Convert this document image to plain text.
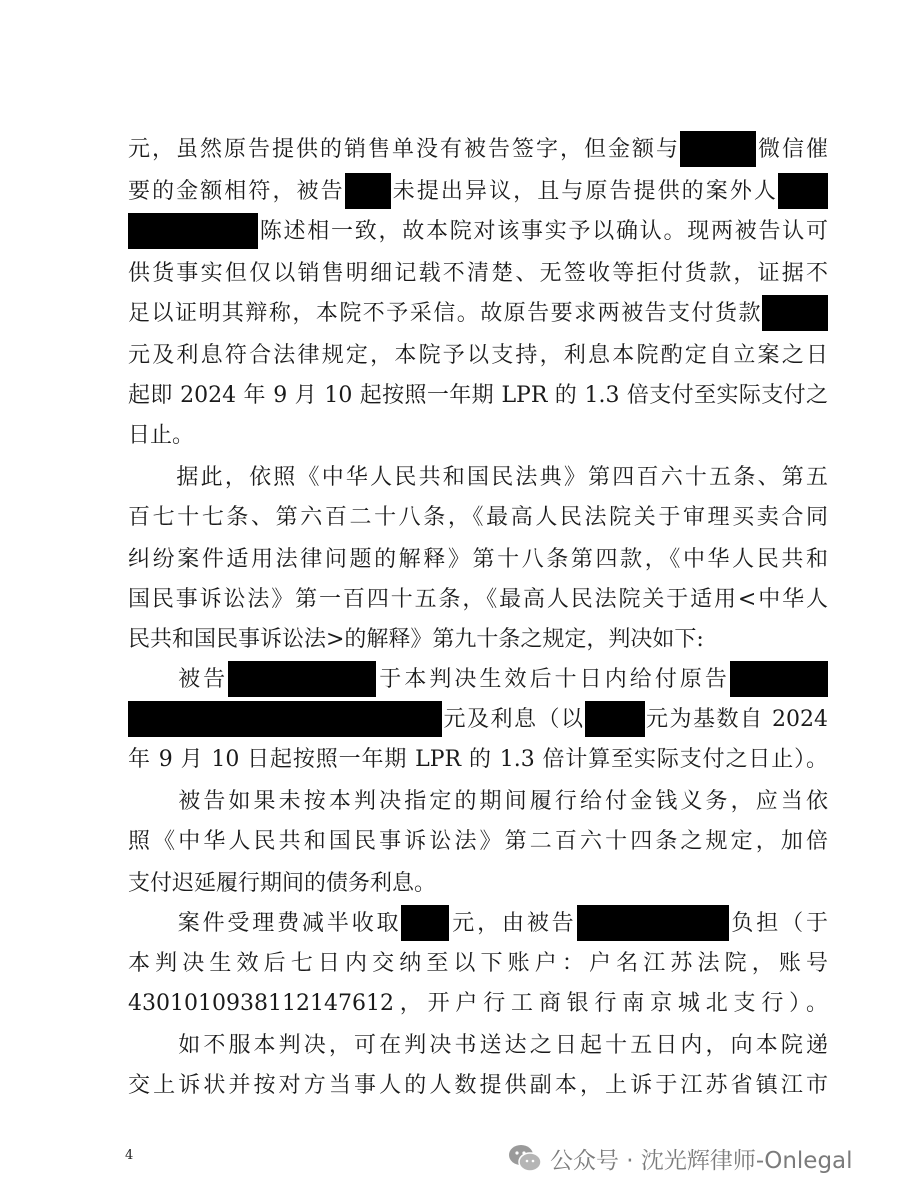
元，虽然原告提供的销售单没有被告签字，但金额与	微信催
要的金额相符，被告 未提出异议，且与原告提供的案外人
陈述相一致，故本院对该事实予以确认。现两被告认可
供货事实但仅以销售明细记载不清楚、无签收等拒付货款，证据不
足以证明其辩称，本院不予采信。故原告要求两被告支付货款
元及利息符合法律规定，本院予以支持，利息本院酌定自立案之日
起即 2024 年 9 月 10 起按照一年期 LPR 的 1.3 倍支付至实际支付之
日止。
　　据此，依照《中华人民共和国民法典》第四百六十五条、第五
百七十七条、第六百二十八条，《最高人民法院关于审理买卖合同
纠纷案件适用法律问题的解释》第十八条第四款，《中华人民共和
国民事诉讼法》第一百四十五条，《最高人民法院关于适用<中华人
民共和国民事诉讼法>的解释》第九十条之规定，判决如下:
　　被告	于本判决生效后十日内给付原告
元及利息（以	元为基数自 2024
年 9 月 10 日起按照一年期 LPR 的 1.3 倍计算至实际支付之日止）。
　　被告如果未按本判决指定的期间履行给付金钱义务，应当依
照《中华人民共和国民事诉讼法》第二百六十四条之规定，加倍
支付迟延履行期间的债务利息。
　　案件受理费减半收取 元，由被告	负担（于
本判决生效后七日内交纳至以下账户：户名江苏法院，账号
4301010938112147612，开户行工商银行南京城北支行）。
　　如不服本判决，可在判决书送达之日起十五日内，向本院递
交上诉状并按对方当事人的人数提供副本，上诉于江苏省镇江市
4	公众号 · 沈光辉律师-Onlegal
